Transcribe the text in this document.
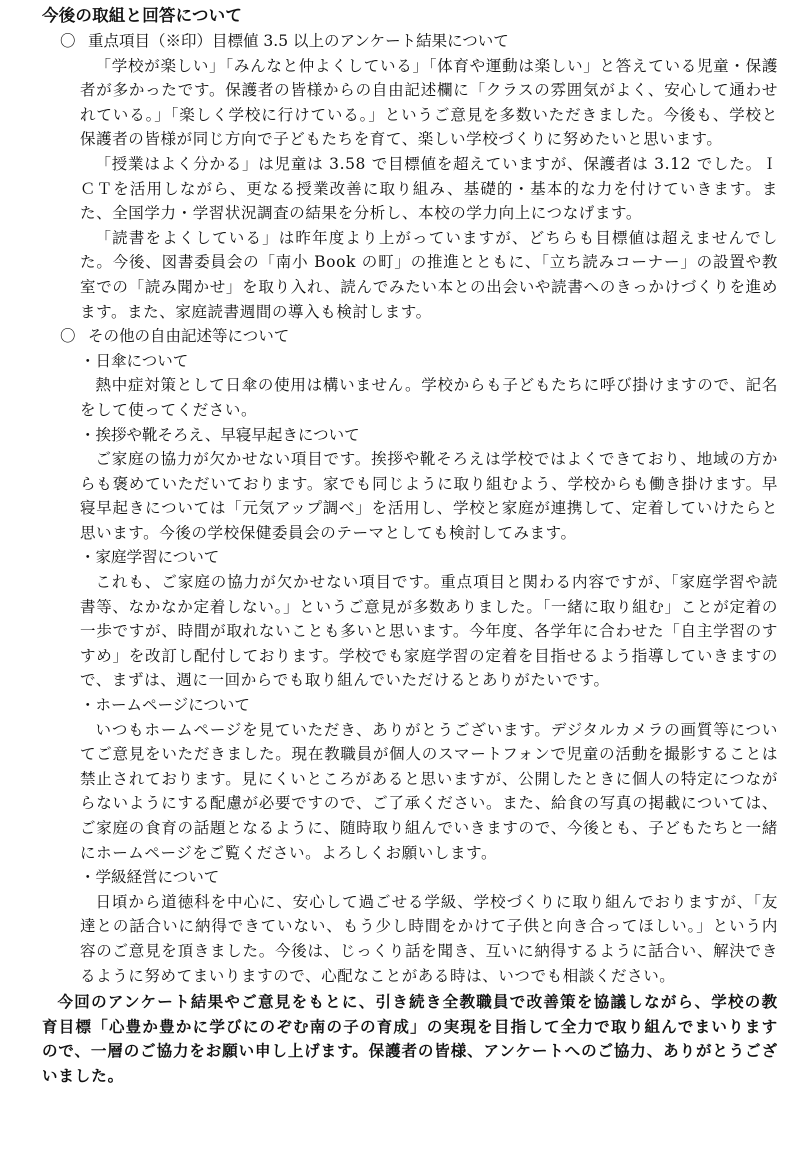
今後の取組と回答について

〇 重点項目（※印）目標値 3.5 以上のアンケート結果について

「学校が楽しい」「みんなと仲よくしている」「体育や運動は楽しい」と答えている児童・保護者が多かったです。保護者の皆様からの自由記述欄に「クラスの雰囲気がよく、安心して通わせれている。」「楽しく学校に行けている。」というご意見を多数いただきました。今後も、学校と保護者の皆様が同じ方向で子どもたちを育て、楽しい学校づくりに努めたいと思います。

「授業はよく分かる」は児童は 3.58 で目標値を超えていますが、保護者は 3.12 でした。ＩＣＴを活用しながら、更なる授業改善に取り組み、基礎的・基本的な力を付けていきます。また、全国学力・学習状況調査の結果を分析し、本校の学力向上につなげます。

「読書をよくしている」は昨年度より上がっていますが、どちらも目標値は超えませんでした。今後、図書委員会の「南小 Book の町」の推進とともに、「立ち読みコーナー」の設置や教室での「読み聞かせ」を取り入れ、読んでみたい本との出会いや読書へのきっかけづくりを進めます。また、家庭読書週間の導入も検討します。

〇 その他の自由記述等について

・日傘について

熱中症対策として日傘の使用は構いません。学校からも子どもたちに呼び掛けますので、記名をして使ってください。

・挨拶や靴そろえ、早寝早起きについて

ご家庭の協力が欠かせない項目です。挨拶や靴そろえは学校ではよくできており、地域の方からも褒めていただいております。家でも同じように取り組むよう、学校からも働き掛けます。早寝早起きについては「元気アップ調べ」を活用し、学校と家庭が連携して、定着していけたらと思います。今後の学校保健委員会のテーマとしても検討してみます。

・家庭学習について

これも、ご家庭の協力が欠かせない項目です。重点項目と関わる内容ですが、「家庭学習や読書等、なかなか定着しない。」というご意見が多数ありました。「一緒に取り組む」ことが定着の一歩ですが、時間が取れないことも多いと思います。今年度、各学年に合わせた「自主学習のすすめ」を改訂し配付しております。学校でも家庭学習の定着を目指せるよう指導していきますので、まずは、週に一回からでも取り組んでいただけるとありがたいです。

・ホームページについて

いつもホームページを見ていただき、ありがとうございます。デジタルカメラの画質等についてご意見をいただきました。現在教職員が個人のスマートフォンで児童の活動を撮影することは禁止されております。見にくいところがあると思いますが、公開したときに個人の特定につながらないようにする配慮が必要ですので、ご了承ください。また、給食の写真の掲載については、ご家庭の食育の話題となるように、随時取り組んでいきますので、今後とも、子どもたちと一緒にホームページをご覧ください。よろしくお願いします。

・学級経営について

日頃から道徳科を中心に、安心して過ごせる学級、学校づくりに取り組んでおりますが、「友達との話合いに納得できていない、もう少し時間をかけて子供と向き合ってほしい。」という内容のご意見を頂きました。今後は、じっくり話を聞き、互いに納得するように話合い、解決できるように努めてまいりますので、心配なことがある時は、いつでも相談ください。

今回のアンケート結果やご意見をもとに、引き続き全教職員で改善策を協議しながら、学校の教育目標「心豊か豊かに学びにのぞむ南の子の育成」の実現を目指して全力で取り組んでまいりますので、一層のご協力をお願い申し上げます。保護者の皆様、アンケートへのご協力、ありがとうございました。
